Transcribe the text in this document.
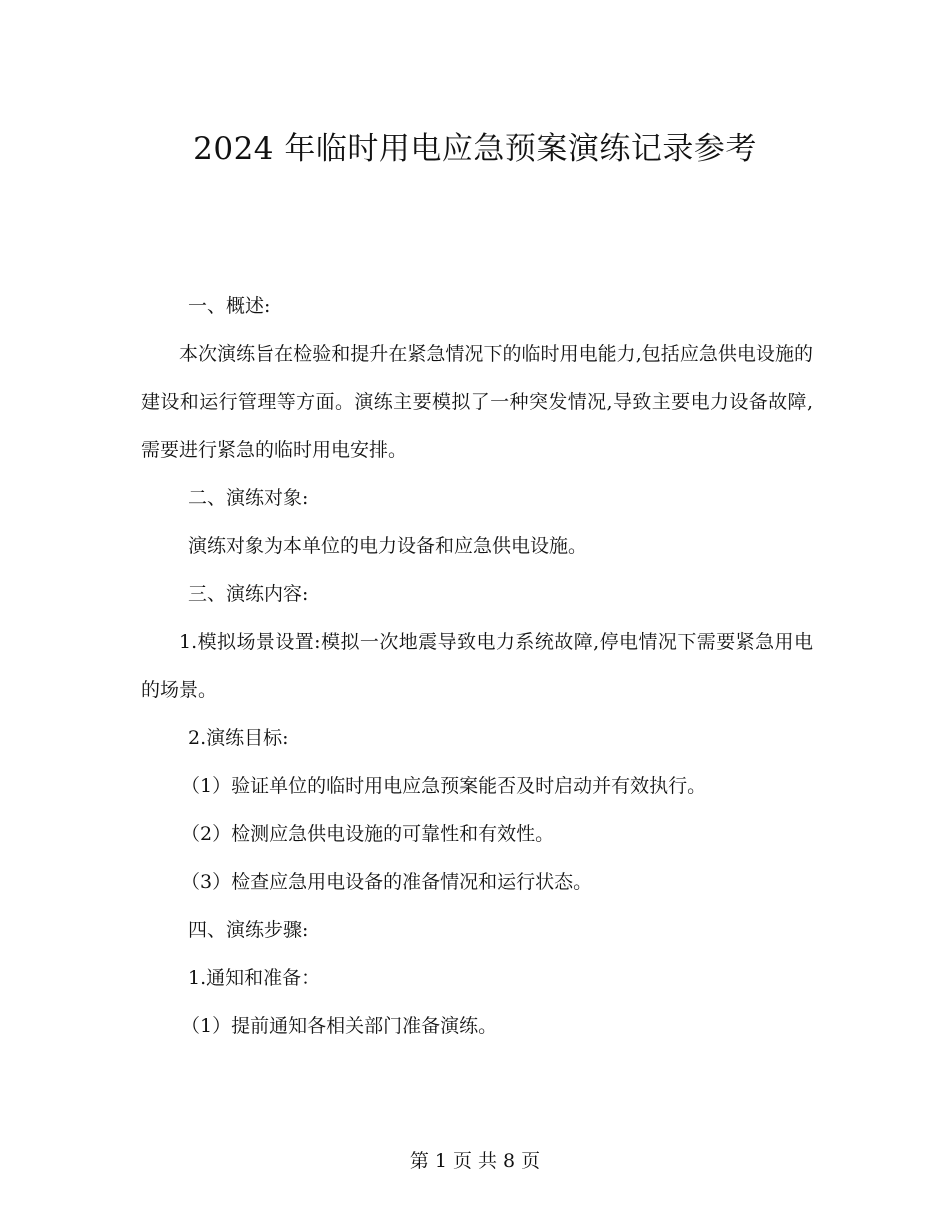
2024 年临时用电应急预案演练记录参考

一、概述:

本次演练旨在检验和提升在紧急情况下的临时用电能力,包括应急供电设施的建设和运行管理等方面。演练主要模拟了一种突发情况,导致主要电力设备故障,需要进行紧急的临时用电安排。

二、演练对象:

演练对象为本单位的电力设备和应急供电设施。

三、演练内容:

1.模拟场景设置:模拟一次地震导致电力系统故障,停电情况下需要紧急用电的场景。

2.演练目标:

（1）验证单位的临时用电应急预案能否及时启动并有效执行。

（2）检测应急供电设施的可靠性和有效性。

（3）检查应急用电设备的准备情况和运行状态。

四、演练步骤:

1.通知和准备：

（1）提前通知各相关部门准备演练。

第 1 页 共 8 页
